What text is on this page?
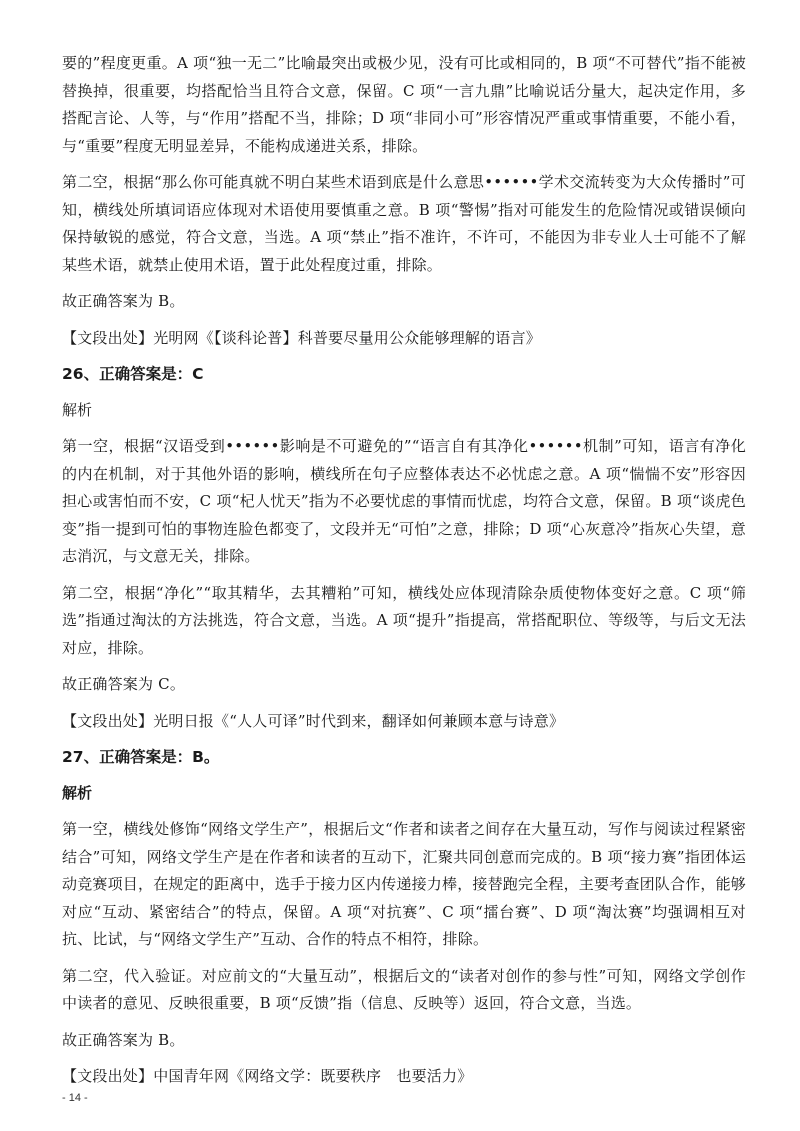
要的”程度更重。A 项“独一无二”比喻最突出或极少见，没有可比或相同的，B 项“不可替代”指不能被替换掉，很重要，均搭配恰当且符合文意，保留。C 项“一言九鼎”比喻说话分量大，起决定作用，多搭配言论、人等，与“作用”搭配不当，排除；D 项“非同小可”形容情况严重或事情重要，不能小看，与“重要”程度无明显差异，不能构成递进关系，排除。
第二空，根据“那么你可能真就不明白某些术语到底是什么意思••••••学术交流转变为大众传播时”可知，横线处所填词语应体现对术语使用要慎重之意。B 项“警惕”指对可能发生的危险情况或错误倾向保持敏锐的感觉，符合文意，当选。A 项“禁止”指不准许，不许可，不能因为非专业人士可能不了解某些术语，就禁止使用术语，置于此处程度过重，排除。
故正确答案为 B。
【文段出处】光明网《【谈科论普】科普要尽量用公众能够理解的语言》
26、正确答案是：C
解析
第一空，根据“汉语受到••••••影响是不可避免的”“语言自有其净化••••••机制”可知，语言有净化的内在机制，对于其他外语的影响，横线所在句子应整体表达不必忧虑之意。A 项“惴惴不安”形容因担心或害怕而不安，C 项“杞人忧天”指为不必要忧虑的事情而忧虑，均符合文意，保留。B 项“谈虎色变”指一提到可怕的事物连脸色都变了，文段并无“可怕”之意，排除；D 项“心灰意冷”指灰心失望，意志消沉，与文意无关，排除。
第二空，根据“净化”“取其精华，去其糟粕”可知，横线处应体现清除杂质使物体变好之意。C 项“筛选”指通过淘汰的方法挑选，符合文意，当选。A 项“提升”指提高，常搭配职位、等级等，与后文无法对应，排除。
故正确答案为 C。
【文段出处】光明日报《“人人可译”时代到来，翻译如何兼顾本意与诗意》
27、正确答案是：B。
解析
第一空，横线处修饰“网络文学生产”，根据后文“作者和读者之间存在大量互动，写作与阅读过程紧密结合”可知，网络文学生产是在作者和读者的互动下，汇聚共同创意而完成的。B 项“接力赛”指团体运动竞赛项目，在规定的距离中，选手于接力区内传递接力棒，接替跑完全程，主要考查团队合作，能够对应“互动、紧密结合”的特点，保留。A 项“对抗赛”、C 项“擂台赛”、D 项“淘汰赛”均强调相互对抗、比试，与“网络文学生产”互动、合作的特点不相符，排除。
第二空，代入验证。对应前文的“大量互动”，根据后文的“读者对创作的参与性”可知，网络文学创作中读者的意见、反映很重要，B 项“反馈”指（信息、反映等）返回，符合文意，当选。
故正确答案为 B。
【文段出处】中国青年网《网络文学：既要秩序　也要活力》
- 14 -
